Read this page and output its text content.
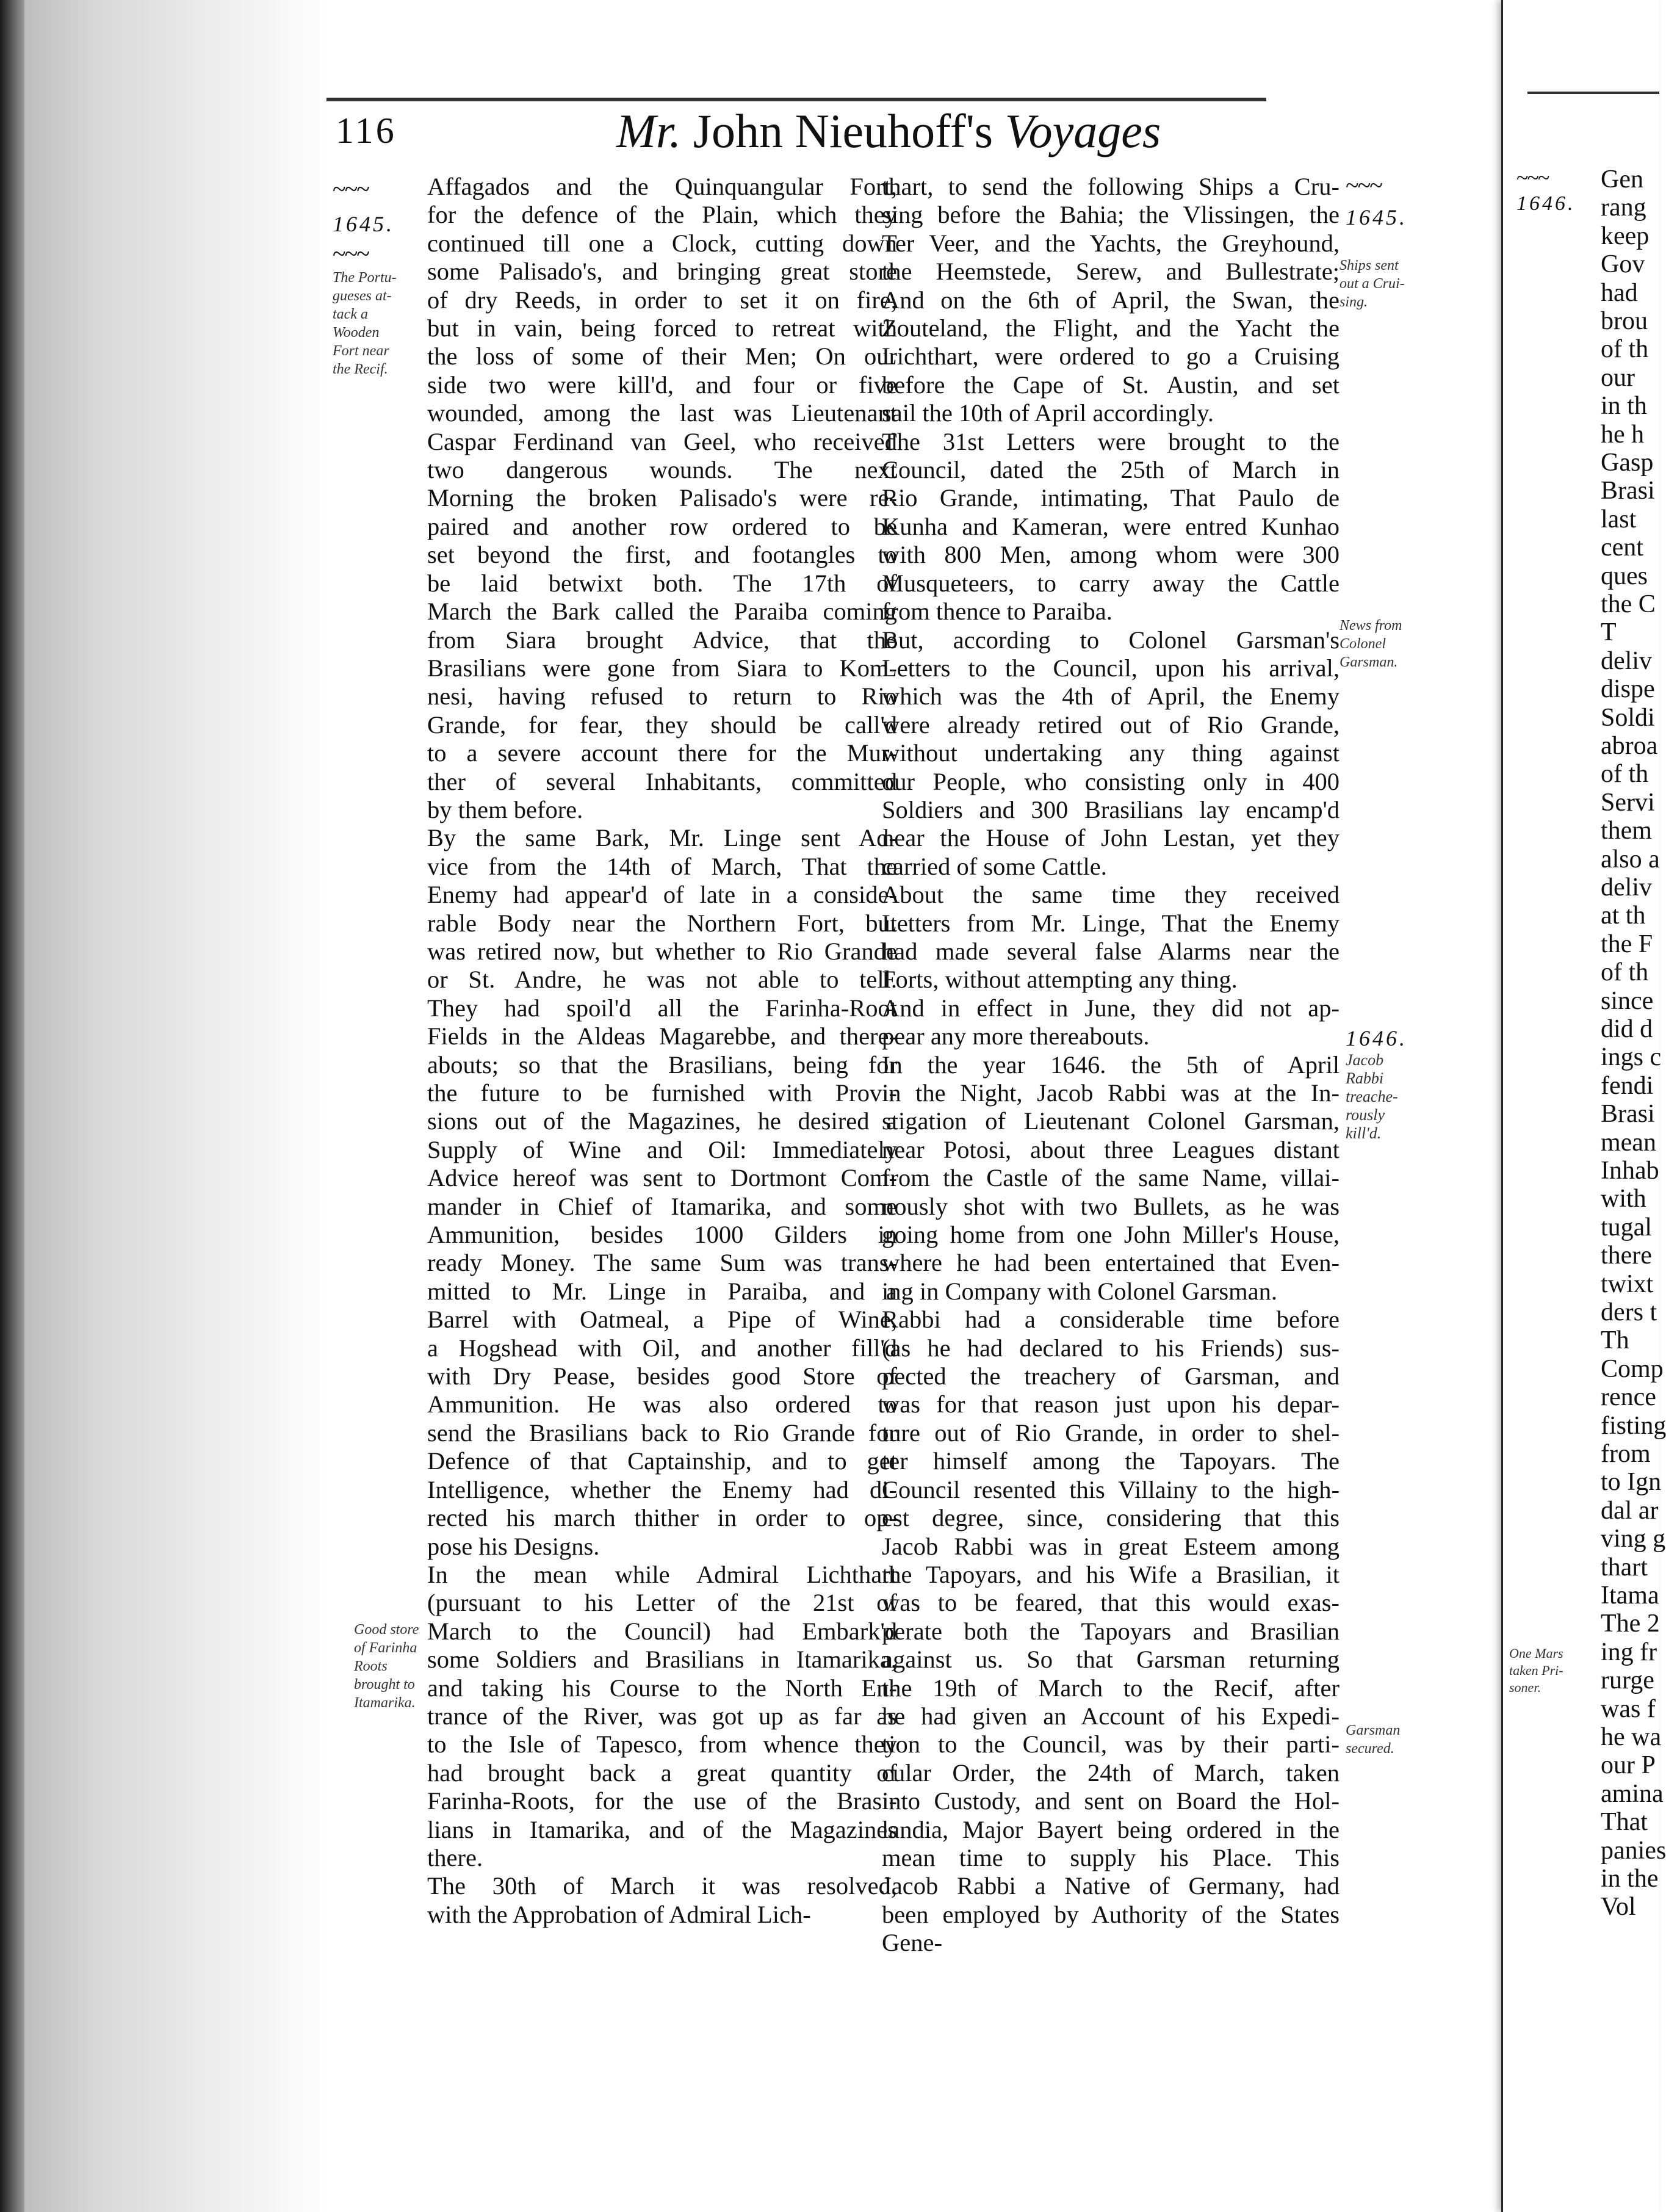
116	Mr. John Nieuhoff's Voyages
~~~
1645.
~~~
The Portu-
gueses at-
tack a
Wooden
Fort near
the Recif.
Good store
of Farinha
Roots
brought to
Itamarika.
~~~
1645.
Ships sent
out a Crui-
sing.
News from
Colonel
Garsman.
1646.
Jacob
Rabbi
treache-
rously
kill'd.
Garsman
secured.
Affagados and the Quinquangular Fort,
for the defence of the Plain, which they
continued till one a Clock, cutting down
some Palisado's, and bringing great store
of dry Reeds, in order to set it on fire,
but in vain, being forced to retreat with
the loss of some of their Men; On our
side two were kill'd, and four or five
wounded, among the last was Lieutenant
Caspar Ferdinand van Geel, who received
two dangerous wounds. The next
Morning the broken Palisado's were re-
paired and another row ordered to be
set beyond the first, and footangles to
be laid betwixt both. The 17th of
March the Bark called the Paraiba coming
from Siara brought Advice, that the
Brasilians were gone from Siara to Kom-
nesi, having refused to return to Rio
Grande, for fear, they should be call'd
to a severe account there for the Mur-
ther of several Inhabitants, committed
by them before.
By the same Bark, Mr. Linge sent Ad-
vice from the 14th of March, That the
Enemy had appear'd of late in a conside-
rable Body near the Northern Fort, but
was retired now, but whether to Rio Grande
or St. Andre, he was not able to tell.
They had spoil'd all the Farinha-Root
Fields in the Aldeas Magarebbe, and there-
abouts; so that the Brasilians, being for
the future to be furnished with Provi-
sions out of the Magazines, he desired a
Supply of Wine and Oil: Immediately
Advice hereof was sent to Dortmont Com-
mander in Chief of Itamarika, and some
Ammunition, besides 1000 Gilders in
ready Money. The same Sum was trans-
mitted to Mr. Linge in Paraiba, and a
Barrel with Oatmeal, a Pipe of Wine,
a Hogshead with Oil, and another fill'd
with Dry Pease, besides good Store of
Ammunition. He was also ordered to
send the Brasilians back to Rio Grande for
Defence of that Captainship, and to get
Intelligence, whether the Enemy had di-
rected his march thither in order to op-
pose his Designs.
In the mean while Admiral Lichthart
(pursuant to his Letter of the 21st of
March to the Council) had Embark'd
some Soldiers and Brasilians in Itamarika,
and taking his Course to the North En-
trance of the River, was got up as far as
to the Isle of Tapesco, from whence they
had brought back a great quantity of
Farinha-Roots, for the use of the Brasi-
lians in Itamarika, and of the Magazines
there.
The 30th of March it was resolved,
with the Approbation of Admiral Lich-
thart, to send the following Ships a Cru-
sing before the Bahia; the Vlissingen, the
Ter Veer, and the Yachts, the Greyhound,
the Heemstede, Serew, and Bullestrate;
And on the 6th of April, the Swan, the
Zouteland, the Flight, and the Yacht the
Lichthart, were ordered to go a Cruising
before the Cape of St. Austin, and set
sail the 10th of April accordingly.
The 31st Letters were brought to the
Council, dated the 25th of March in
Rio Grande, intimating, That Paulo de
Kunha and Kameran, were entred Kunhao
with 800 Men, among whom were 300
Musqueteers, to carry away the Cattle
from thence to Paraiba.
But, according to Colonel Garsman's
Letters to the Council, upon his arrival,
which was the 4th of April, the Enemy
were already retired out of Rio Grande,
without undertaking any thing against
our People, who consisting only in 400
Soldiers and 300 Brasilians lay encamp'd
near the House of John Lestan, yet they
carried of some Cattle.
About the same time they received
Letters from Mr. Linge, That the Enemy
had made several false Alarms near the
Forts, without attempting any thing.
And in effect in June, they did not ap-
pear any more thereabouts.
In the year 1646. the 5th of April
in the Night, Jacob Rabbi was at the In-
stigation of Lieutenant Colonel Garsman,
near Potosi, about three Leagues distant
from the Castle of the same Name, villai-
nously shot with two Bullets, as he was
going home from one John Miller's House,
where he had been entertained that Even-
ing in Company with Colonel Garsman.
Rabbi had a considerable time before
(as he had declared to his Friends) sus-
pected the treachery of Garsman, and
was for that reason just upon his depar-
ture out of Rio Grande, in order to shel-
ter himself among the Tapoyars. The
Council resented this Villainy to the high-
est degree, since, considering that this
Jacob Rabbi was in great Esteem among
the Tapoyars, and his Wife a Brasilian, it
was to be feared, that this would exas-
perate both the Tapoyars and Brasilian
against us. So that Garsman returning
the 19th of March to the Recif, after
he had given an Account of his Expedi-
tion to the Council, was by their parti-
cular Order, the 24th of March, taken
into Custody, and sent on Board the Hol-
landia, Major Bayert being ordered in the
mean time to supply his Place. This
Jacob Rabbi a Native of Germany, had
been employed by Authority of the States
Gene-
~~~
1646.
One Mars
taken Pri-
soner.
Gen
rang
keep
Gov
had
brou
of th
our
in th
he h
Gasp
Brasi
last
cent
ques
the C
T
deliv
dispe
Soldi
abroa
of th
Servi
them
also a
deliv
at th
the F
of th
since
did d
ings c
fendi
Brasi
mean
Inhab
with
tugal
there
twixt
ders t
Th
Comp
rence
fisting
from
to Ign
dal ar
ving g
thart
Itama
The 2
ing fr
rurge
was f
he wa
our P
amina
That
panies
in the
Vol
